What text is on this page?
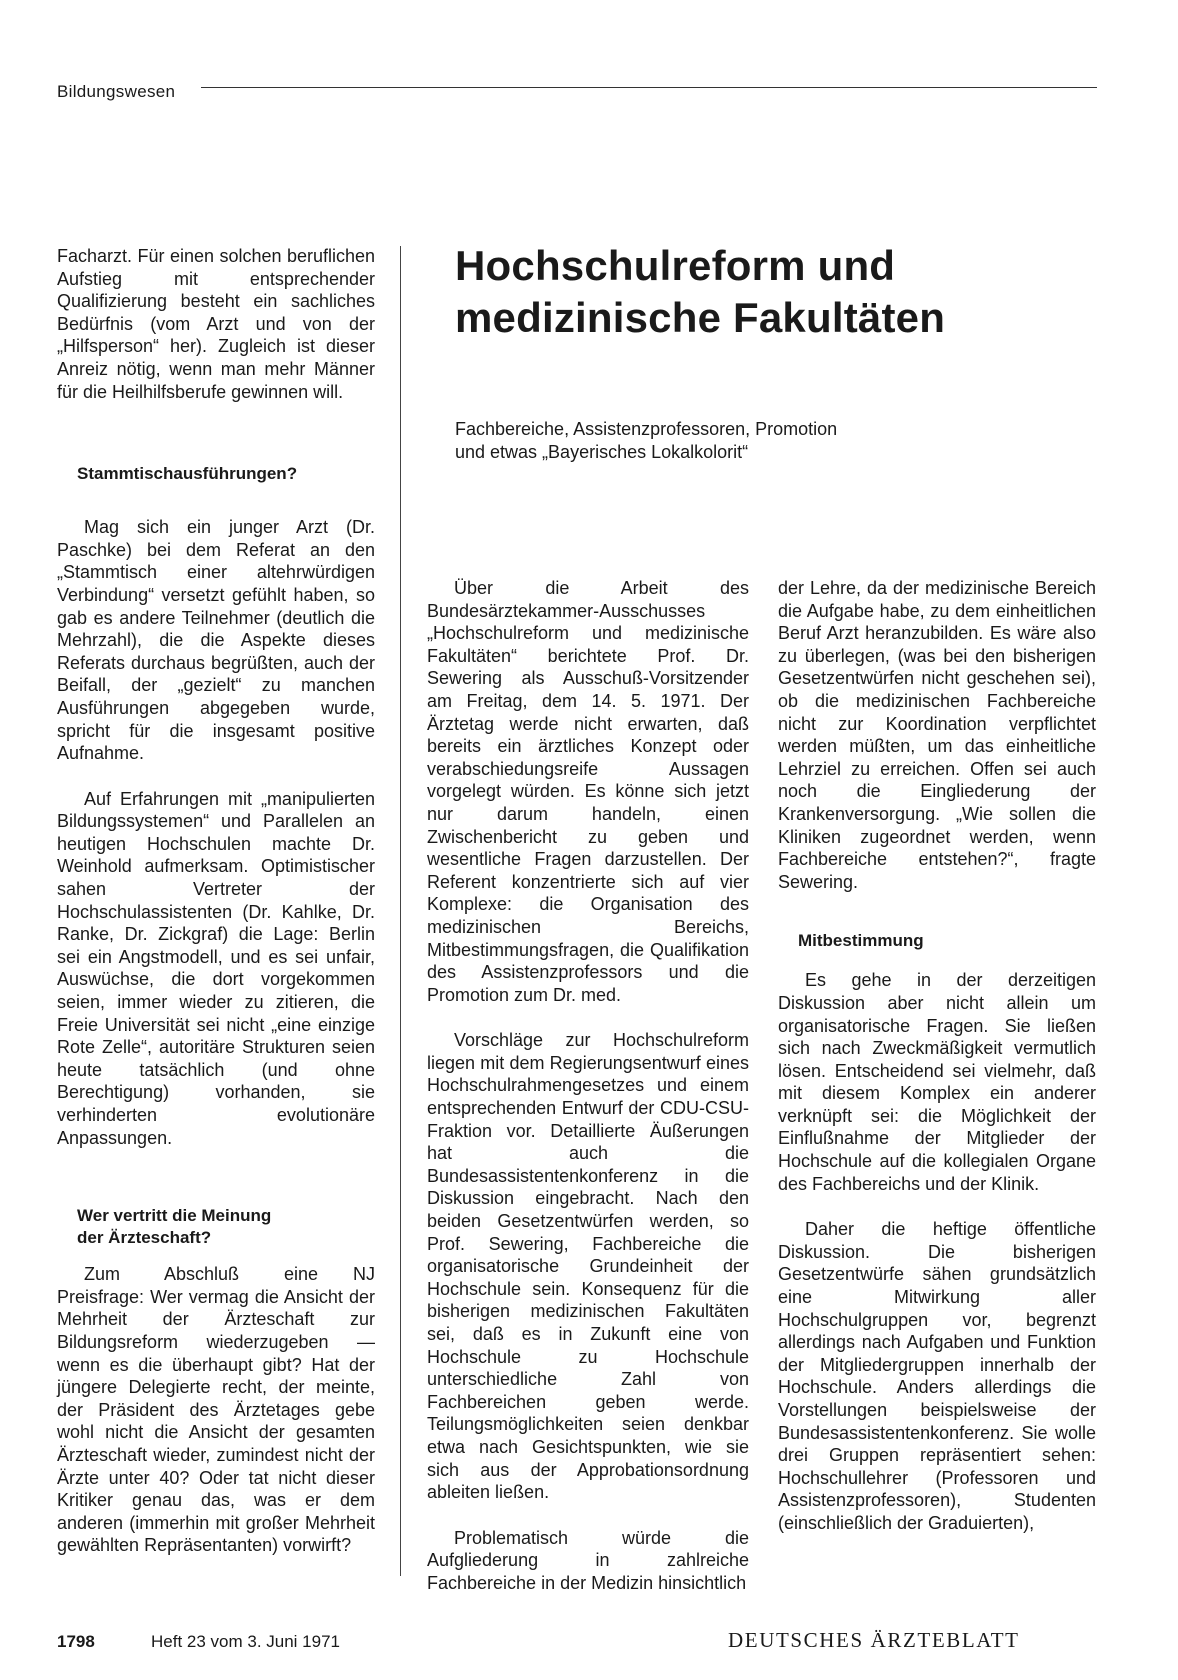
Bildungswesen
Hochschulreform und
medizinische Fakultäten
Fachbereiche, Assistenzprofessoren, Promotion
und etwas „Bayerisches Lokalkolorit“

Facharzt. Für einen solchen beruflichen Aufstieg mit entsprechender Qualifizierung besteht ein sachliches Bedürfnis (vom Arzt und von der „Hilfsperson“ her). Zugleich ist dieser Anreiz nötig, wenn man mehr Männer für die Heilhilfsberufe gewinnen will.

Stammtischausführungen?

Mag sich ein junger Arzt (Dr. Paschke) bei dem Referat an den „Stammtisch einer altehrwürdigen Verbindung“ versetzt gefühlt haben, so gab es andere Teilnehmer (deutlich die Mehrzahl), die die Aspekte dieses Referats durchaus begrüßten, auch der Beifall, der „gezielt“ zu manchen Ausführungen abgegeben wurde, spricht für die insgesamt positive Aufnahme.

Auf Erfahrungen mit „manipulierten Bildungssystemen“ und Parallelen an heutigen Hochschulen machte Dr. Weinhold aufmerksam. Optimistischer sahen Vertreter der Hochschulassistenten (Dr. Kahlke, Dr. Ranke, Dr. Zickgraf) die Lage: Berlin sei ein Angstmodell, und es sei unfair, Auswüchse, die dort vorgekommen seien, immer wieder zu zitieren, die Freie Universität sei nicht „eine einzige Rote Zelle“, autoritäre Strukturen seien heute tatsächlich (und ohne Berechtigung) vorhanden, sie verhinderten evolutionäre Anpassungen.

Wer vertritt die Meinung
der Ärzteschaft?

NJ
Zum Abschluß eine Preisfrage: Wer vermag die Ansicht der Mehrheit der Ärzteschaft zur Bildungsreform wiederzugeben — wenn es die überhaupt gibt? Hat der jüngere Delegierte recht, der meinte, der Präsident des Ärztetages gebe wohl nicht die Ansicht der gesamten Ärzteschaft wieder, zumindest nicht der Ärzte unter 40? Oder tat nicht dieser Kritiker genau das, was er dem anderen (immerhin mit großer Mehrheit gewählten Repräsentanten) vorwirft?

Über die Arbeit des Bundesärztekammer-Ausschusses „Hochschulreform und medizinische Fakultäten“ berichtete Prof. Dr. Sewering als Ausschuß-Vorsitzender am Freitag, dem 14. 5. 1971. Der Ärztetag werde nicht erwarten, daß bereits ein ärztliches Konzept oder verabschiedungsreife Aussagen vorgelegt würden. Es könne sich jetzt nur darum handeln, einen Zwischenbericht zu geben und wesentliche Fragen darzustellen. Der Referent konzentrierte sich auf vier Komplexe: die Organisation des medizinischen Bereichs, Mitbestimmungsfragen, die Qualifikation des Assistenzprofessors und die Promotion zum Dr. med.

Vorschläge zur Hochschulreform liegen mit dem Regierungsentwurf eines Hochschulrahmengesetzes und einem entsprechenden Entwurf der CDU-CSU-Fraktion vor. Detaillierte Äußerungen hat auch die Bundesassistentenkonferenz in die Diskussion eingebracht. Nach den beiden Gesetzentwürfen werden, so Prof. Sewering, Fachbereiche die organisatorische Grundeinheit der Hochschule sein. Konsequenz für die bisherigen medizinischen Fakultäten sei, daß es in Zukunft eine von Hochschule zu Hochschule unterschiedliche Zahl von Fachbereichen geben werde. Teilungsmöglichkeiten seien denkbar etwa nach Gesichtspunkten, wie sie sich aus der Approbationsordnung ableiten ließen.

Problematisch würde die Aufgliederung in zahlreiche Fachbereiche in der Medizin hinsichtlich

der Lehre, da der medizinische Bereich die Aufgabe habe, zu dem einheitlichen Beruf Arzt heranzubilden. Es wäre also zu überlegen, (was bei den bisherigen Gesetzentwürfen nicht geschehen sei), ob die medizinischen Fachbereiche nicht zur Koordination verpflichtet werden müßten, um das einheitliche Lehrziel zu erreichen. Offen sei auch noch die Eingliederung der Krankenversorgung. „Wie sollen die Kliniken zugeordnet werden, wenn Fachbereiche entstehen?“, fragte Sewering.

Mitbestimmung

Es gehe in der derzeitigen Diskussion aber nicht allein um organisatorische Fragen. Sie ließen sich nach Zweckmäßigkeit vermutlich lösen. Entscheidend sei vielmehr, daß mit diesem Komplex ein anderer verknüpft sei: die Möglichkeit der Einflußnahme der Mitglieder der Hochschule auf die kollegialen Organe des Fachbereichs und der Klinik.

Daher die heftige öffentliche Diskussion. Die bisherigen Gesetzentwürfe sähen grundsätzlich eine Mitwirkung aller Hochschulgruppen vor, begrenzt allerdings nach Aufgaben und Funktion der Mitgliedergruppen innerhalb der Hochschule. Anders allerdings die Vorstellungen beispielsweise der Bundesassistentenkonferenz. Sie wolle drei Gruppen repräsentiert sehen: Hochschullehrer (Professoren und Assistenzprofessoren), Studenten (einschließlich der Graduierten),

1798	Heft 23 vom 3. Juni 1971	DEUTSCHES ÄRZTEBLATT
